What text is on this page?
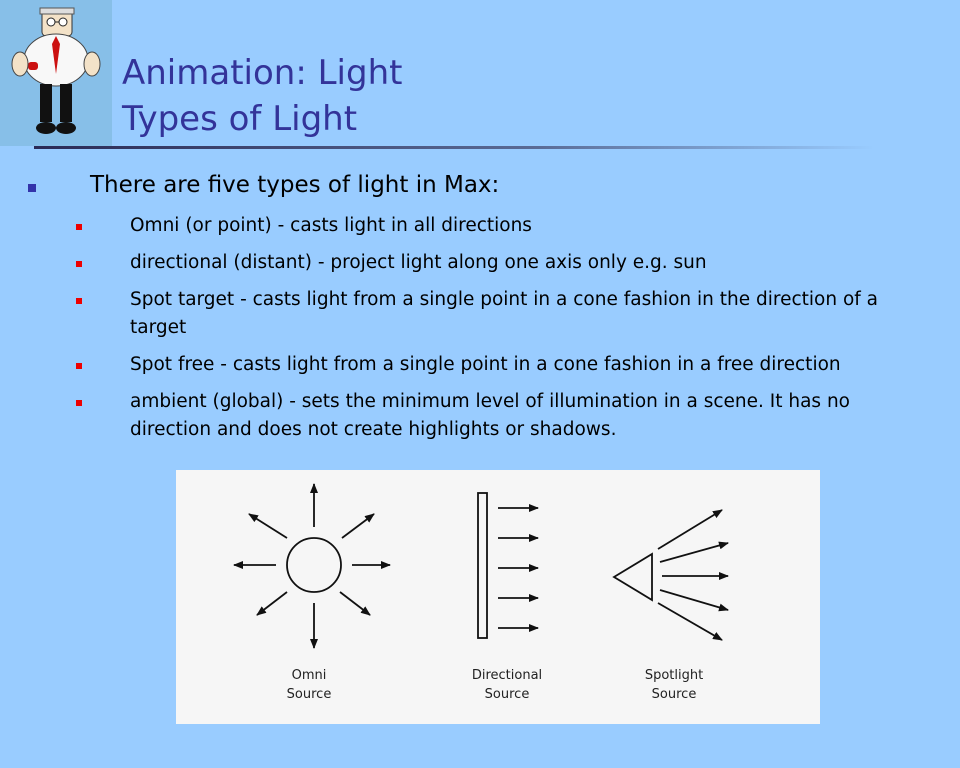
Animation: Light
Types of Light
There are five types of light in Max:
Omni (or point) - casts light in all directions
directional (distant) - project light along one axis only e.g. sun
Spot target - casts light from a single point in a cone fashion in the direction of a target
Spot free - casts light from a single point in a cone fashion in a free direction
ambient (global) - sets the minimum level of illumination in a scene. It has no direction and does not create highlights or shadows.
Omni
Source
Directional
Source
Spotlight
Source
